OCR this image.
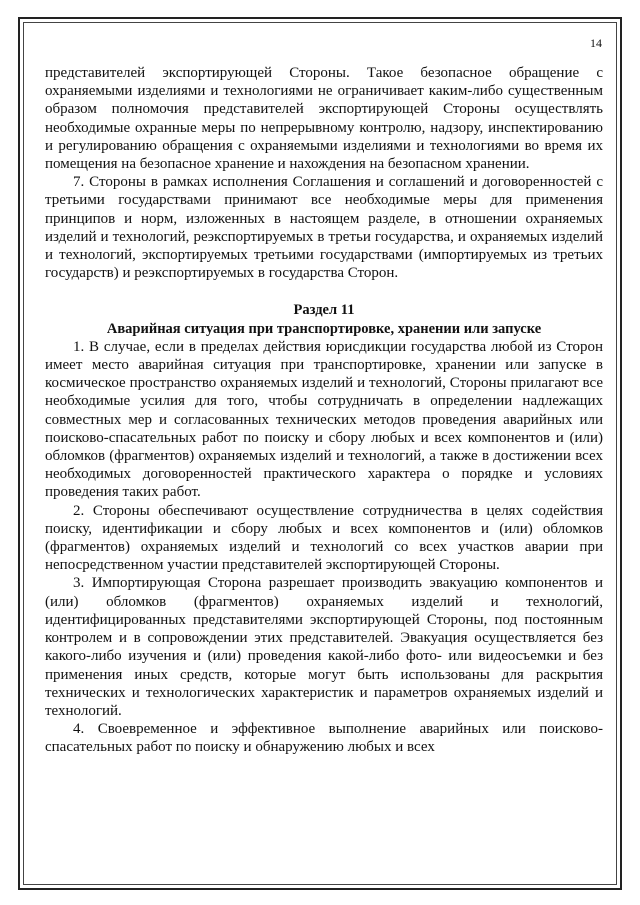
14

представителей экспортирующей Стороны. Такое безопасное обращение с охраняемыми изделиями и технологиями не ограничивает каким-либо существенным образом полномочия представителей экспортирующей Стороны осуществлять необходимые охранные меры по непрерывному контролю, надзору, инспектированию и регулированию обращения с охраняемыми изделиями и технологиями во время их помещения на безопасное хранение и нахождения на безопасном хранении.

7. Стороны в рамках исполнения Соглашения и соглашений и договоренностей с третьими государствами принимают все необходимые меры для применения принципов и норм, изложенных в настоящем разделе, в отношении охраняемых изделий и технологий, реэкспортируемых в третьи государства, и охраняемых изделий и технологий, экспортируемых третьими государствами (импортируемых из третьих государств) и реэкспортируемых в государства Сторон.

Раздел 11
Аварийная ситуация при транспортировке, хранении или запуске

1. В случае, если в пределах действия юрисдикции государства любой из Сторон имеет место аварийная ситуация при транспортировке, хранении или запуске в космическое пространство охраняемых изделий и технологий, Стороны прилагают все необходимые усилия для того, чтобы сотрудничать в определении надлежащих совместных мер и согласованных технических методов проведения аварийных или поисково-спасательных работ по поиску и сбору любых и всех компонентов и (или) обломков (фрагментов) охраняемых изделий и технологий, а также в достижении всех необходимых договоренностей практического характера о порядке и условиях проведения таких работ.

2. Стороны обеспечивают осуществление сотрудничества в целях содействия поиску, идентификации и сбору любых и всех компонентов и (или) обломков (фрагментов) охраняемых изделий и технологий со всех участков аварии при непосредственном участии представителей экспортирующей Стороны.

3. Импортирующая Сторона разрешает производить эвакуацию компонентов и (или) обломков (фрагментов) охраняемых изделий и технологий, идентифицированных представителями экспортирующей Стороны, под постоянным контролем и в сопровождении этих представителей. Эвакуация осуществляется без какого-либо изучения и (или) проведения какой-либо фото- или видеосъемки и без применения иных средств, которые могут быть использованы для раскрытия технических и технологических характеристик и параметров охраняемых изделий и технологий.

4. Своевременное и эффективное выполнение аварийных или поисково-спасательных работ по поиску и обнаружению любых и всех
